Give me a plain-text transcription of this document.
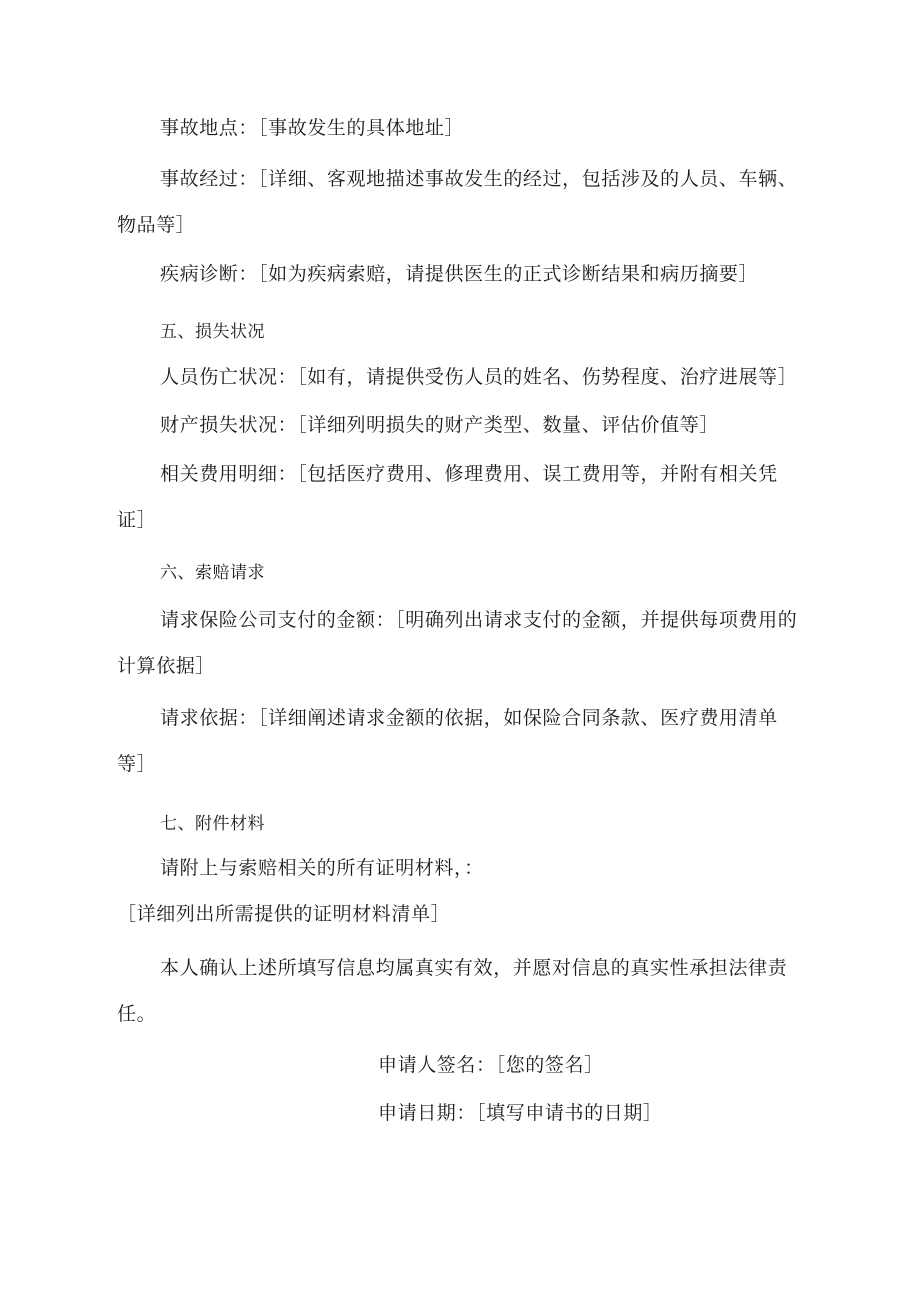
事故地点：［事故发生的具体地址］

事故经过：［详细、客观地描述事故发生的经过，包括涉及的人员、车辆、物品等］

疾病诊断：［如为疾病索赔，请提供医生的正式诊断结果和病历摘要］

五、损失状况

人员伤亡状况：［如有，请提供受伤人员的姓名、伤势程度、治疗进展等］

财产损失状况：［详细列明损失的财产类型、数量、评估价值等］

相关费用明细：［包括医疗费用、修理费用、误工费用等，并附有相关凭证］

六、索赔请求

请求保险公司支付的金额：［明确列出请求支付的金额，并提供每项费用的计算依据］

请求依据：［详细阐述请求金额的依据，如保险合同条款、医疗费用清单等］

七、附件材料

请附上与索赔相关的所有证明材料，：［详细列出所需提供的证明材料清单］

本人确认上述所填写信息均属真实有效，并愿对信息的真实性承担法律责任。

申请人签名：［您的签名］

申请日期：［填写申请书的日期］
